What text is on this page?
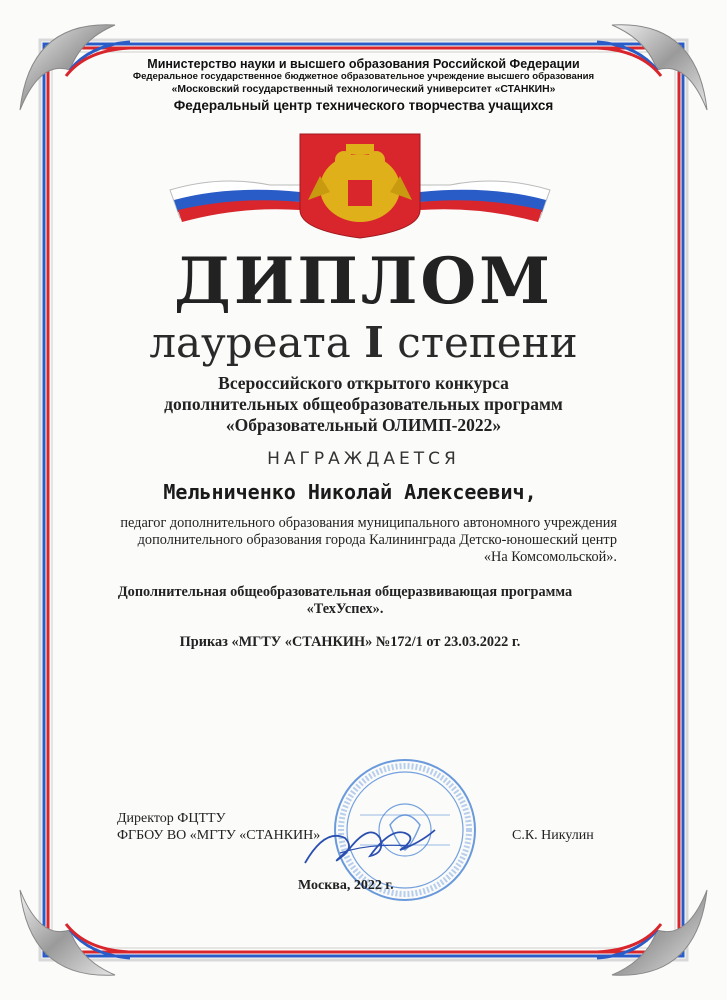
Министерство науки и высшего образования Российской Федерации
Федеральное государственное бюджетное образовательное учреждение высшего образования
«Московский государственный технологический университет «СТАНКИН»
Федеральный центр технического творчества учащихся
ДИПЛОМ
лауреата I степени
Всероссийского открытого конкурса
дополнительных общеобразовательных программ
«Образовательный ОЛИМП-2022»
НАГРАЖДАЕТСЯ
Мельниченко Николай Алексеевич,
педагог дополнительного образования муниципального автономного учреждения
дополнительного образования города Калининграда Детско-юношеский центр
«На Комсомольской».
Дополнительная общеобразовательная общеразвивающая программа
«ТехУспех».
Приказ «МГТУ «СТАНКИН» №172/1 от 23.03.2022 г.
Директор ФЦТТУ
ФГБОУ ВО «МГТУ «СТАНКИН»	С.К. Никулин
Москва, 2022 г.
